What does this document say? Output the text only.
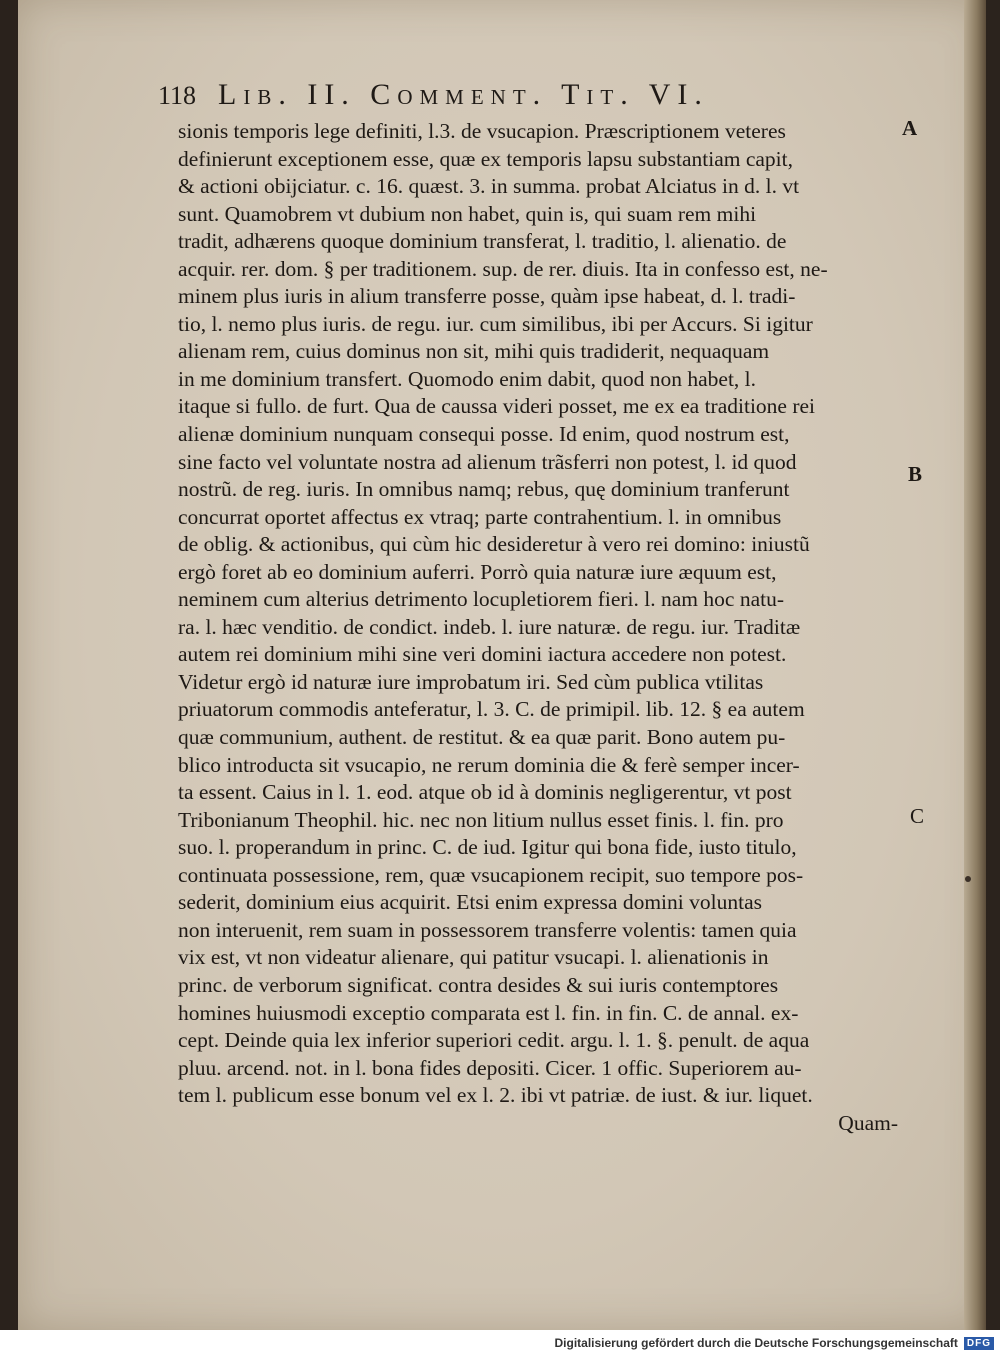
118 Lib. II. Comment. Tit. VI.
A
B
C
sionis temporis lege definiti, l.3. de vsucapion. Præscriptionem veteres
definierunt exceptionem esse, quæ ex temporis lapsu substantiam capit,
& actioni obijciatur. c. 16. quæst. 3. in summa. probat Alciatus in d. l. vt
sunt. Quamobrem vt dubium non habet, quin is, qui suam rem mihi
tradit, adhærens quoque dominium transferat, l. traditio, l. alienatio. de
acquir. rer. dom. § per traditionem. sup. de rer. diuis. Ita in confesso est, ne-
minem plus iuris in alium transferre posse, quàm ipse habeat, d. l. tradi-
tio, l. nemo plus iuris. de regu. iur. cum similibus, ibi per Accurs. Si igitur
alienam rem, cuius dominus non sit, mihi quis tradiderit, nequaquam
in me dominium transfert. Quomodo enim dabit, quod non habet, l.
itaque si fullo. de furt. Qua de caussa videri posset, me ex ea traditione rei
alienæ dominium nunquam consequi posse. Id enim, quod nostrum est,
sine facto vel voluntate nostra ad alienum trãsferri non potest, l. id quod
nostrũ. de reg. iuris. In omnibus namq; rebus, quę dominium tranferunt
concurrat oportet affectus ex vtraq; parte contrahentium. l. in omnibus
de oblig. & actionibus, qui cùm hic desideretur à vero rei domino: iniustũ
ergò foret ab eo dominium auferri. Porrò quia naturæ iure æquum est,
neminem cum alterius detrimento locupletiorem fieri. l. nam hoc natu-
ra. l. hæc venditio. de condict. indeb. l. iure naturæ. de regu. iur. Traditæ
autem rei dominium mihi sine veri domini iactura accedere non potest.
Videtur ergò id naturæ iure improbatum iri. Sed cùm publica vtilitas
priuatorum commodis anteferatur, l. 3. C. de primipil. lib. 12. § ea autem
quæ communium, authent. de restitut. & ea quæ parit. Bono autem pu-
blico introducta sit vsucapio, ne rerum dominia die & ferè semper incer-
ta essent. Caius in l. 1. eod. atque ob id à dominis negligerentur, vt post
Tribonianum Theophil. hic. nec non litium nullus esset finis. l. fin. pro
suo. l. properandum in princ. C. de iud. Igitur qui bona fide, iusto titulo,
continuata possessione, rem, quæ vsucapionem recipit, suo tempore pos-
sederit, dominium eius acquirit. Etsi enim expressa domini voluntas
non interuenit, rem suam in possessorem transferre volentis: tamen quia
vix est, vt non videatur alienare, qui patitur vsucapi. l. alienationis in
princ. de verborum significat. contra desides & sui iuris contemptores
homines huiusmodi exceptio comparata est l. fin. in fin. C. de annal. ex-
cept. Deinde quia lex inferior superiori cedit. argu. l. 1. §. penult. de aqua
pluu. arcend. not. in l. bona fides depositi. Cicer. 1 offic. Superiorem au-
tem l. publicum esse bonum vel ex l. 2. ibi vt patriæ. de iust. & iur. liquet.
Quam-
Digitalisierung gefördert durch die Deutsche Forschungsgemeinschaft DFG
